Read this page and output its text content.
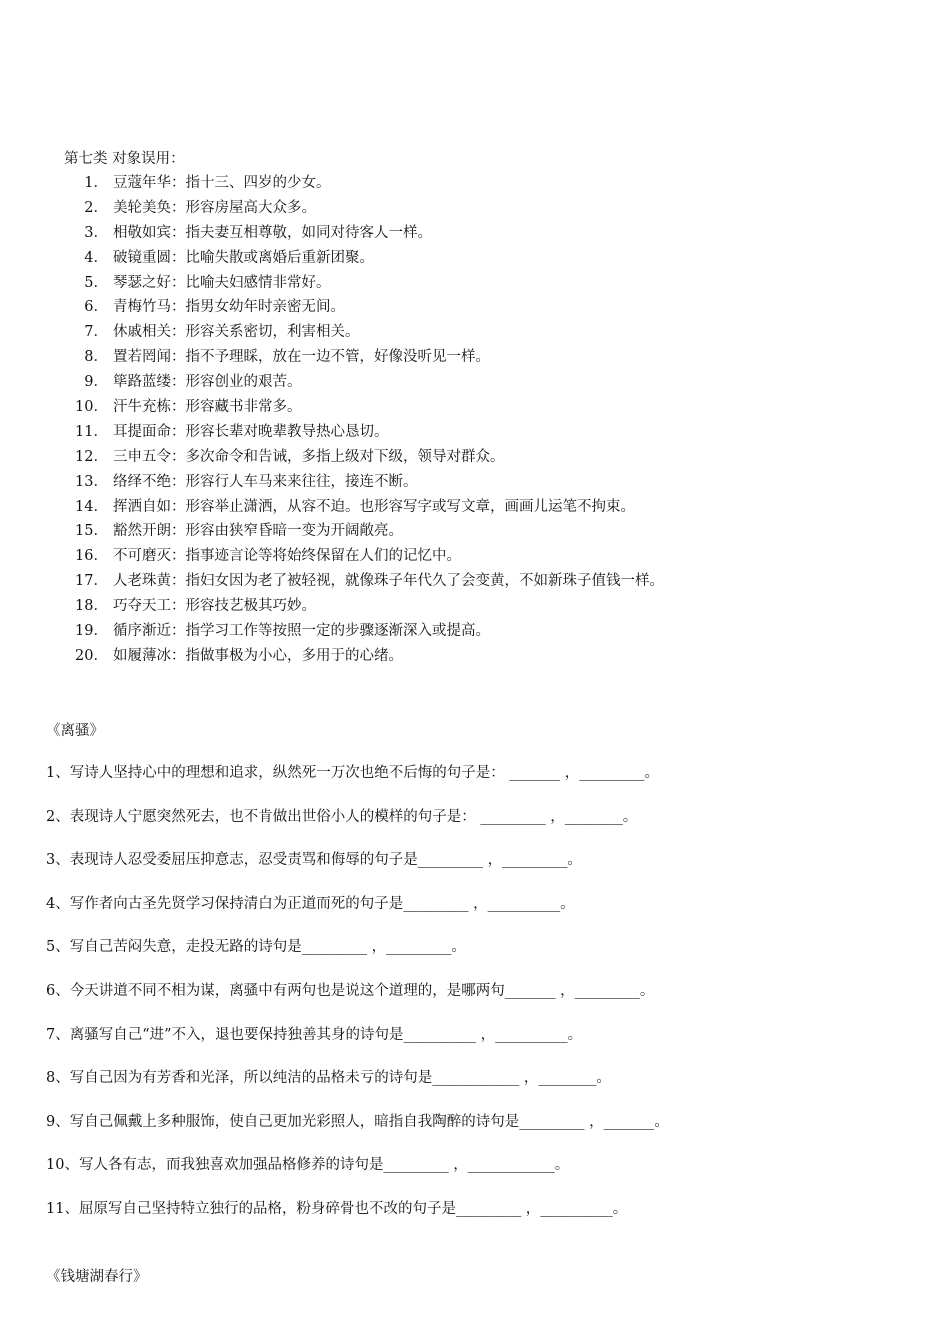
第七类 对象误用：
1． 豆蔻年华：指十三、四岁的少女。
2． 美轮美奂：形容房屋高大众多。
3． 相敬如宾：指夫妻互相尊敬，如同对待客人一样。
4． 破镜重圆：比喻失散或离婚后重新团聚。
5． 琴瑟之好：比喻夫妇感情非常好。
6． 青梅竹马：指男女幼年时亲密无间。
7． 休戚相关：形容关系密切，利害相关。
8． 置若罔闻：指不予理睬，放在一边不管，好像没听见一样。
9． 筚路蓝缕：形容创业的艰苦。
10． 汗牛充栋：形容藏书非常多。
11． 耳提面命：形容长辈对晚辈教导热心恳切。
12． 三申五令：多次命令和告诫，多指上级对下级，领导对群众。
13． 络绎不绝：形容行人车马来来往往，接连不断。
14． 挥洒自如：形容举止潇洒，从容不迫。也形容写字或写文章，画画儿运笔不拘束。
15． 豁然开朗：形容由狭窄昏暗一变为开阔敞亮。
16． 不可磨灭：指事迹言论等将始终保留在人们的记忆中。
17． 人老珠黄：指妇女因为老了被轻视，就像珠子年代久了会变黄，不如新珠子值钱一样。
18． 巧夺天工：形容技艺极其巧妙。
19． 循序渐近：指学习工作等按照一定的步骤逐渐深入或提高。
20． 如履薄冰：指做事极为小心，多用于的心绪。
《离骚》
1、写诗人坚持心中的理想和追求，纵然死一万次也绝不后悔的句子是： _______ ，_________。
2、表现诗人宁愿突然死去，也不肯做出世俗小人的模样的句子是： _________ ，________。
3、表现诗人忍受委屈压抑意志，忍受责骂和侮辱的句子是_________ ，_________。
4、写作者向古圣先贤学习保持清白为正道而死的句子是_________ ，__________。
5、写自己苦闷失意，走投无路的诗句是_________ ，_________。
6、今天讲道不同不相为谋，离骚中有两句也是说这个道理的，是哪两句_______ ，_________。
7、离骚写自己“进”不入，退也要保持独善其身的诗句是__________ ，__________。
8、写自己因为有芳香和光泽，所以纯洁的品格未亏的诗句是____________ ，________。
9、写自己佩戴上多种服饰，使自己更加光彩照人，暗指自我陶醉的诗句是_________ ，_______。
10、写人各有志，而我独喜欢加强品格修养的诗句是_________ ，____________。
11、屈原写自己坚持特立独行的品格，粉身碎骨也不改的句子是_________ ，__________。
《钱塘湖春行》
